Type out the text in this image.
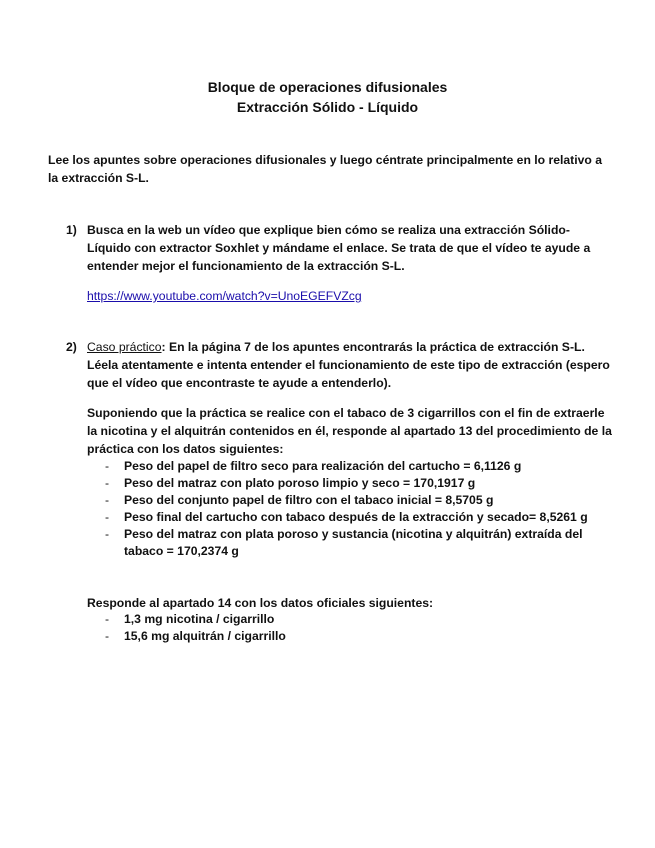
Bloque de operaciones difusionales
Extracción Sólido - Líquido
Lee los apuntes sobre operaciones difusionales y luego céntrate principalmente en lo relativo a la extracción S-L.
1) Busca en la web un vídeo que explique bien cómo se realiza una extracción Sólido-Líquido con extractor Soxhlet y mándame el enlace. Se trata de que el vídeo te ayude a entender mejor el funcionamiento de la extracción S-L.
https://www.youtube.com/watch?v=UnoEGEFVZcg
2) Caso práctico: En la página 7 de los apuntes encontrarás la práctica de extracción S-L. Léela atentamente e intenta entender el funcionamiento de este tipo de extracción (espero que el vídeo que encontraste te ayude a entenderlo).
Suponiendo que la práctica se realice con el tabaco de 3 cigarrillos con el fin de extraerle la nicotina y el alquitrán contenidos en él, responde al apartado 13 del procedimiento de la práctica con los datos siguientes:
- Peso del papel de filtro seco para realización del cartucho = 6,1126 g
- Peso del matraz con plato poroso limpio y seco = 170,1917 g
- Peso del conjunto papel de filtro con el tabaco inicial = 8,5705 g
- Peso final del cartucho con tabaco después de la extracción y secado= 8,5261 g
- Peso del matraz con plata poroso y sustancia (nicotina y alquitrán) extraída del tabaco = 170,2374 g
Responde al apartado 14 con los datos oficiales siguientes:
- 1,3 mg nicotina / cigarrillo
- 15,6 mg alquitrán / cigarrillo
